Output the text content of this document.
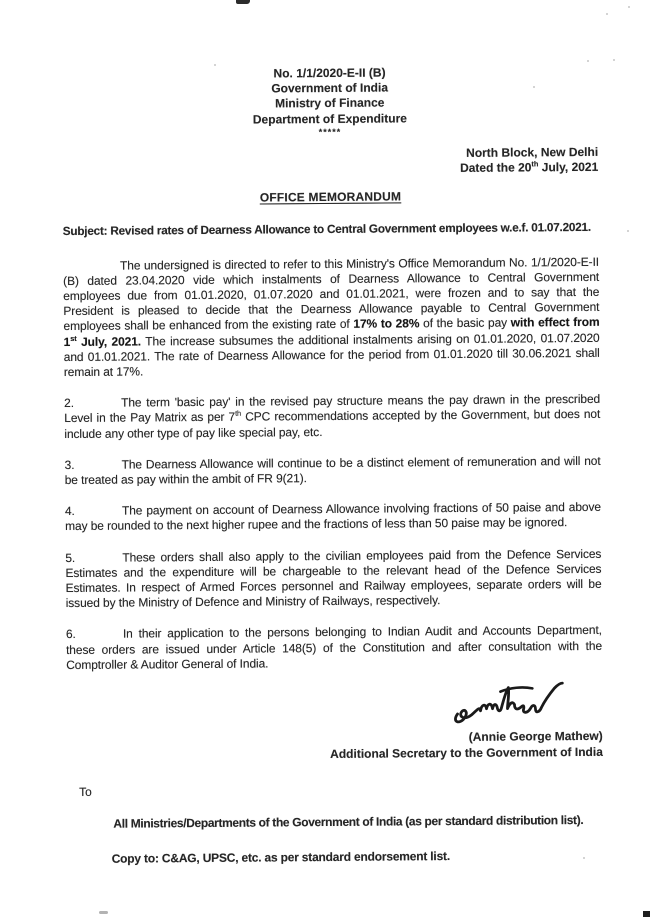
No. 1/1/2020-E-II (B)
Government of India
Ministry of Finance
Department of Expenditure
*****
North Block, New Delhi
Dated the 20th July, 2021
OFFICE MEMORANDUM
Subject: Revised rates of Dearness Allowance to Central Government employees w.e.f. 01.07.2021.

The undersigned is directed to refer to this Ministry's Office Memorandum No. 1/1/2020-E-II (B) dated 23.04.2020 vide which instalments of Dearness Allowance to Central Government employees due from 01.01.2020, 01.07.2020 and 01.01.2021, were frozen and to say that the President is pleased to decide that the Dearness Allowance payable to Central Government employees shall be enhanced from the existing rate of 17% to 28% of the basic pay with effect from 1st July, 2021. The increase subsumes the additional instalments arising on 01.01.2020, 01.07.2020 and 01.01.2021. The rate of Dearness Allowance for the period from 01.01.2020 till 30.06.2021 shall remain at 17%.

2.	The term 'basic pay' in the revised pay structure means the pay drawn in the prescribed Level in the Pay Matrix as per 7th CPC recommendations accepted by the Government, but does not include any other type of pay like special pay, etc.

3.	The Dearness Allowance will continue to be a distinct element of remuneration and will not be treated as pay within the ambit of FR 9(21).

4.	The payment on account of Dearness Allowance involving fractions of 50 paise and above may be rounded to the next higher rupee and the fractions of less than 50 paise may be ignored.

5.	These orders shall also apply to the civilian employees paid from the Defence Services Estimates and the expenditure will be chargeable to the relevant head of the Defence Services Estimates. In respect of Armed Forces personnel and Railway employees, separate orders will be issued by the Ministry of Defence and Ministry of Railways, respectively.

6.	In their application to the persons belonging to Indian Audit and Accounts Department, these orders are issued under Article 148(5) of the Constitution and after consultation with the Comptroller & Auditor General of India.

(Annie George Mathew)
Additional Secretary to the Government of India
To
All Ministries/Departments of the Government of India (as per standard distribution list).
Copy to: C&AG, UPSC, etc. as per standard endorsement list.
